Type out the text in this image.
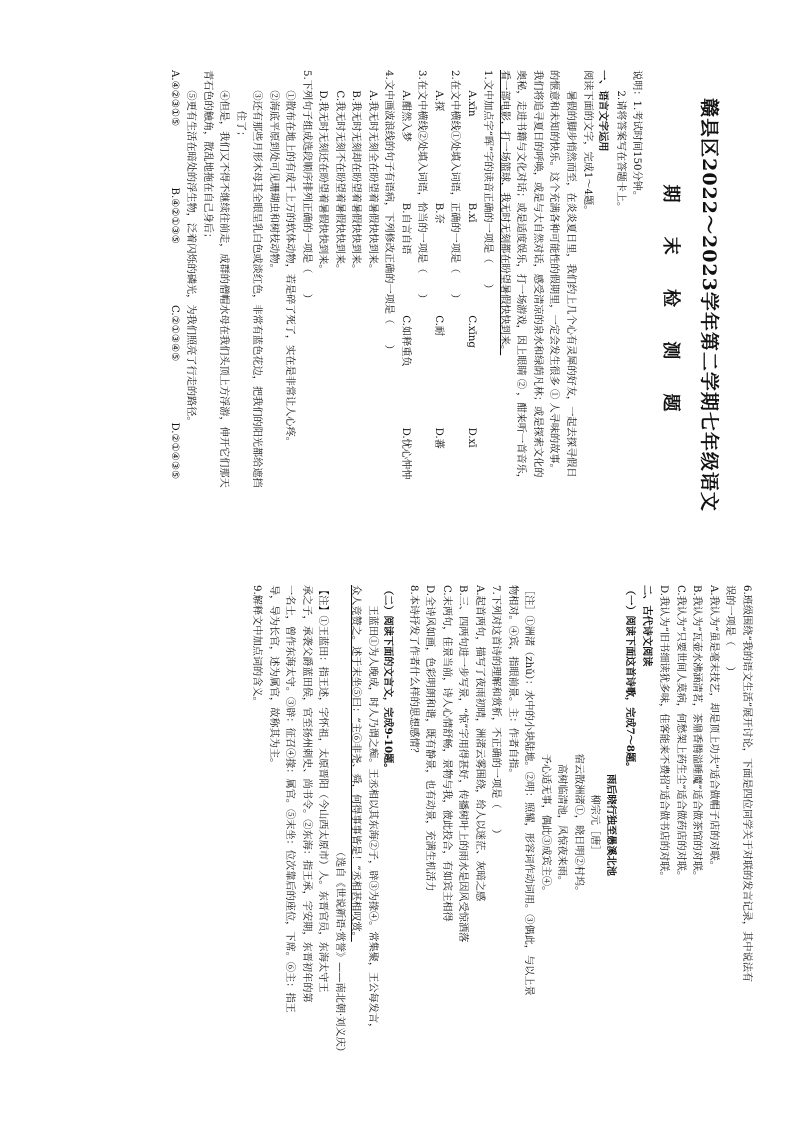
赣县区2022～2023学年第二学期七年级语文

期 末 检 测 题

说明：1.考试时间150分钟。

2.请将答案写在答题卡上。

一、语言文字运用

阅读下面的文字，完成1～4题。

暑假的脚步悄然而至，在炎炎夏日里，我们约上几个心有灵犀的好友，一起去探寻假日

的惬意和未知的快乐。这个充满各种可能性的假期里，一定会发生很多 ① 人寻味的故事。

我们将追寻夏日的呼唤，或是与大自然对话，感受清凉的泉水和绿荫凡林；或是探索文化的

奥秘，走进书籍与文化对话；或是适度娱乐，打一场游戏，因上眼睛 ② ，酣来听一首音乐，

看一部电影，打一场篮球，我无时无刻都在盼望暑假快快到来。

1.文中加点字“晖”字的读音正确的一项是（　　）

A.xīn
B.xī
C.xīng
D.xī

2.在文中横线①处填入词语，正确的一项是（　　）

A.探
B.奈
C.耐
D.蕃

3.在文中横线②处填入词语，恰当的一项是（　　）

A.酣然入梦
B.自言自语
C.如释重负
D.忧心忡忡

4.文中画波浪线的句子有语病，下列修改正确的一项是（　　）

A.我无时无刻全在盼望着暑假快快到来。

B.我无时无刻却在盼望着暑假快快到来。

C.我无时无刻不在盼望着暑假快快到来。

D.我无时无刻还在盼望着暑假快快到来。

5.下列句子组成选段顺序排列正确的一项是（　　）

①散布在地上的有成千上万的软体动物，若是碎了死了，实在是非常让人心疼。

②海底平原到处可见珊瑚虫和树枝动物。

③还有那些月形木母其全眼呈乳白色或淡红色，非常有蓝色花边，把我们的阳光都给遮挡

住了；

④但是，我们又不得不继续往前走，成群的僧帽水母在我们头顶上方浮游，伸开它们那天

青石色的触角，散乱地拖在自己身后；

⑤更有生活在暗处的浮生物，泛着闪烁的磷光，为我们照亮了行走的路径。

A.④②③①⑤
B.④②①③⑤
C.②①③④⑤
D.②①④③⑤

6.班级围绕“我的语文生活”展开讨论，下面是四位同学关于对联的发言记录，其中说法有

误的一项是（　　）

A.我认为“虽是毫末技艺，却是顶上功夫”适合做帽子店的对联。

B.我认为“瓦壶水沸涵清茗，茶鼎香腾溢睡魔”适合做茶馆的对联。

C.我认为“只要世间人莫病，何愁架上药生尘”适合做药店的对联。

D.我认为“旧书细读犹多味，佳客能来不费招”适合做书店的对联。

二、古代诗文阅读

（一）阅读下面这首诗歌，完成7～8题。

雨后晓行独至愚溪北池

柳宗元［唐］

宿云散洲渚①，晓日明②村坞。

高树临清池，风惊夜来雨。

予心适无事，偶此③成宾主④。

［注］①洲渚（zhǔ）：水中的小块陆地。②明：照耀，形容词作动词用。③偶此，与以上景

物相对。④宾，指眼前景。主：作者自指。

7.下列对这首诗的理解和赏析，不正确的一项是（　　）

A.起首两句，描写了夜雨初晴，洲渚云雾围绕，给人以迷茫、灰暗之感

B.三、四两句进一步写景，“惊”字用得甚好，传播树叶上的雨水是因风受惊洒落

C.末两句，佳景当前，诗人心情舒畅，景物与我，彼此投合，有如宾主相得

D.全诗风如画，色彩明朗和谐，既有静景，也有动景，充满生机活力

8.本诗抒发了作者什么样的思想感情？

（二）阅读下面的文言文，完成9-10题。

王蓝田①为人晚成，时人乃谓之痴。王丞相以其东海②子，辟③为掾④。常集聚，王公每发言，

众人竞赞之。述于末坐⑤曰：“主⑥非尧、舜，何得事事皆是！”丞相甚相叹赏。

（选自《世说新语·赏誉》——南北朝·刘义庆）

【注】①王蓝田：指王述，字怀祖，太原晋阳（今山西太原市）人。东晋官员，东海太守王

承之子，承袭父爵蓝田侯，官至扬州刺史、尚书令。②东海：指王承，字安期，东晋初年的第

一名士，曾作东海太守。③辟：征召④掾：属官。⑤末坐：位次靠后的座位，下席。⑥主：指王

导，导为长官，述为属官，故称其为主。

9.解释文中加点词的含义。
